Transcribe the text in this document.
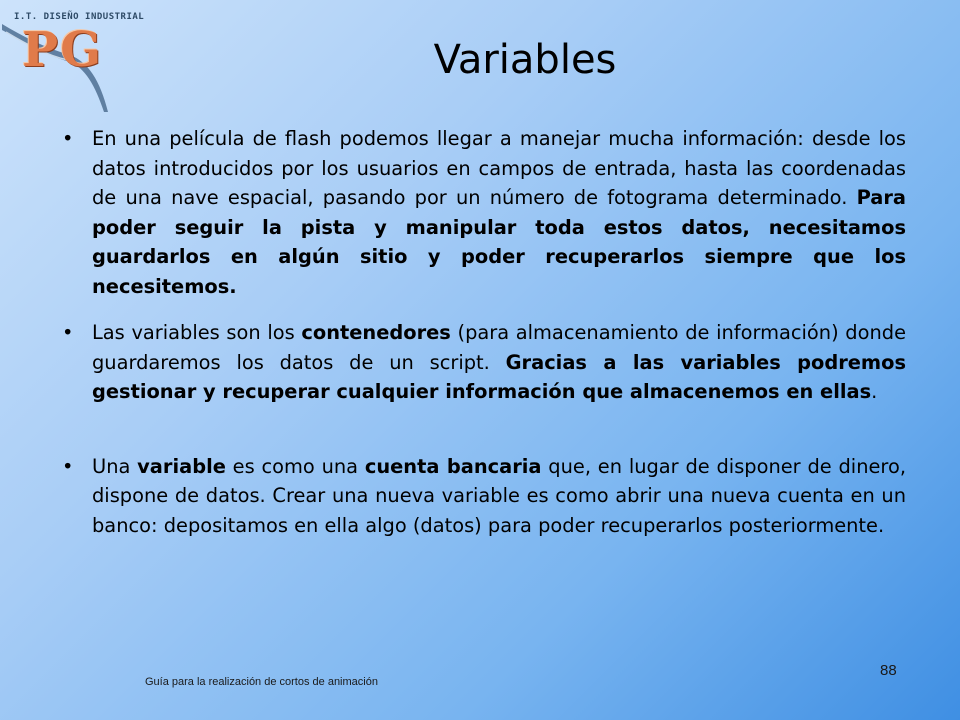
I.T. DISEÑO INDUSTRIAL
PG	Variables
• En una película de flash podemos llegar a manejar mucha información: desde los datos introducidos por los usuarios en campos de entrada, hasta las coordenadas de una nave espacial, pasando por un número de fotograma determinado. Para poder seguir la pista y manipular toda estos datos, necesitamos guardarlos en algún sitio y poder recuperarlos siempre que los necesitemos.
• Las variables son los contenedores (para almacenamiento de información) donde guardaremos los datos de un script. Gracias a las variables podremos gestionar y recuperar cualquier información que almacenemos en ellas.
• Una variable es como una cuenta bancaria que, en lugar de disponer de dinero, dispone de datos. Crear una nueva variable es como abrir una nueva cuenta en un banco: depositamos en ella algo (datos) para poder recuperarlos posteriormente.
Guía para la realización de cortos de animación
88
